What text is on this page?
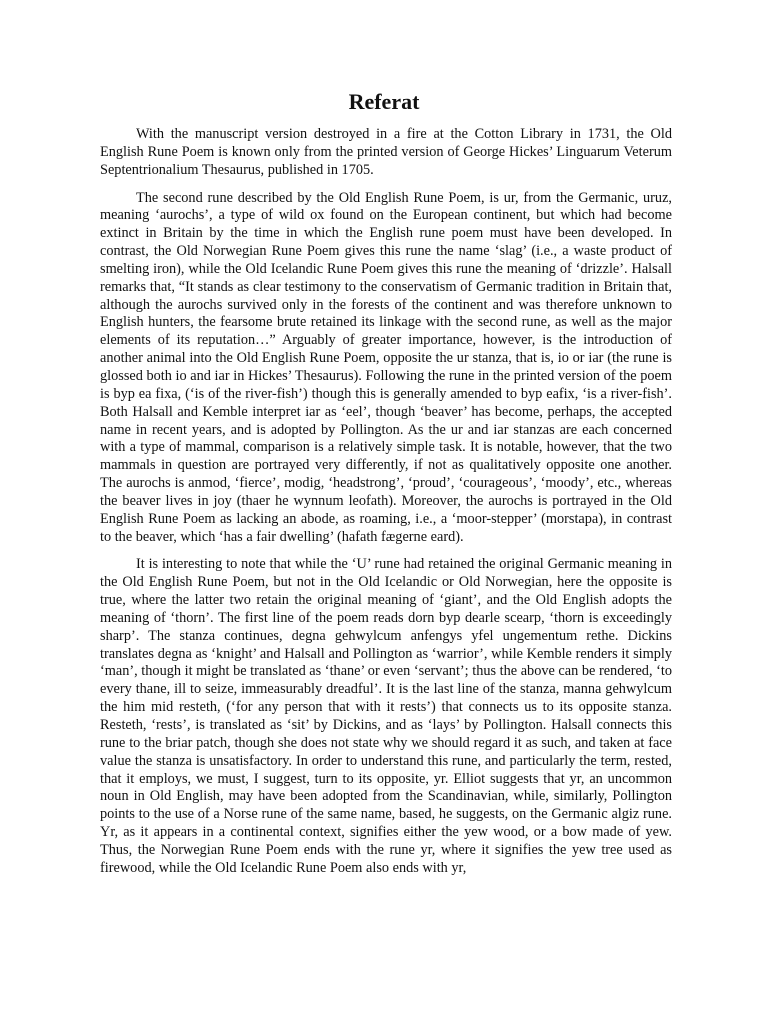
Referat

With the manuscript version destroyed in a fire at the Cotton Library in 1731, the Old English Rune Poem is known only from the printed version of George Hickes’ Linguarum Veterum Septentrionalium Thesaurus, published in 1705.

The second rune described by the Old English Rune Poem, is ur, from the Germanic, uruz, meaning ‘aurochs’, a type of wild ox found on the European continent, but which had become extinct in Britain by the time in which the English rune poem must have been developed. In contrast, the Old Norwegian Rune Poem gives this rune the name ‘slag’ (i.e., a waste product of smelting iron), while the Old Icelandic Rune Poem gives this rune the meaning of ‘drizzle’. Halsall remarks that, “It stands as clear testimony to the conservatism of Germanic tradition in Britain that, although the aurochs survived only in the forests of the continent and was therefore unknown to English hunters, the fearsome brute retained its linkage with the second rune, as well as the major elements of its reputation…” Arguably of greater importance, however, is the introduction of another animal into the Old English Rune Poem, opposite the ur stanza, that is, io or iar (the rune is glossed both io and iar in Hickes’ Thesaurus). Following the rune in the printed version of the poem is byp ea fixa, (‘is of the river-fish’) though this is generally amended to byp eafix, ‘is a river-fish’. Both Halsall and Kemble interpret iar as ‘eel’, though ‘beaver’ has become, perhaps, the accepted name in recent years, and is adopted by Pollington. As the ur and iar stanzas are each concerned with a type of mammal, comparison is a relatively simple task. It is notable, however, that the two mammals in question are portrayed very differently, if not as qualitatively opposite one another. The aurochs is anmod, ‘fierce’, modig, ‘headstrong’, ‘proud’, ‘courageous’, ‘moody’, etc., whereas the beaver lives in joy (thaer he wynnum leofath). Moreover, the aurochs is portrayed in the Old English Rune Poem as lacking an abode, as roaming, i.e., a ‘moor-stepper’ (morstapa), in contrast to the beaver, which ‘has a fair dwelling’ (hafath fægerne eard).

It is interesting to note that while the ‘U’ rune had retained the original Germanic meaning in the Old English Rune Poem, but not in the Old Icelandic or Old Norwegian, here the opposite is true, where the latter two retain the original meaning of ‘giant’, and the Old English adopts the meaning of ‘thorn’. The first line of the poem reads dorn byp dearle scearp, ‘thorn is exceedingly sharp’. The stanza continues, degna gehwylcum anfengys yfel ungementum rethe. Dickins translates degna as ‘knight’ and Halsall and Pollington as ‘warrior’, while Kemble renders it simply ‘man’, though it might be translated as ‘thane’ or even ‘servant’; thus the above can be rendered, ‘to every thane, ill to seize, immeasurably dreadful’. It is the last line of the stanza, manna gehwylcum the him mid resteth, (‘for any person that with it rests’) that connects us to its opposite stanza. Resteth, ‘rests’, is translated as ‘sit’ by Dickins, and as ‘lays’ by Pollington. Halsall connects this rune to the briar patch, though she does not state why we should regard it as such, and taken at face value the stanza is unsatisfactory. In order to understand this rune, and particularly the term, rested, that it employs, we must, I suggest, turn to its opposite, yr. Elliot suggests that yr, an uncommon noun in Old English, may have been adopted from the Scandinavian, while, similarly, Pollington points to the use of a Norse rune of the same name, based, he suggests, on the Germanic algiz rune. Yr, as it appears in a continental context, signifies either the yew wood, or a bow made of yew. Thus, the Norwegian Rune Poem ends with the rune yr, where it signifies the yew tree used as firewood, while the Old Icelandic Rune Poem also ends with yr,
